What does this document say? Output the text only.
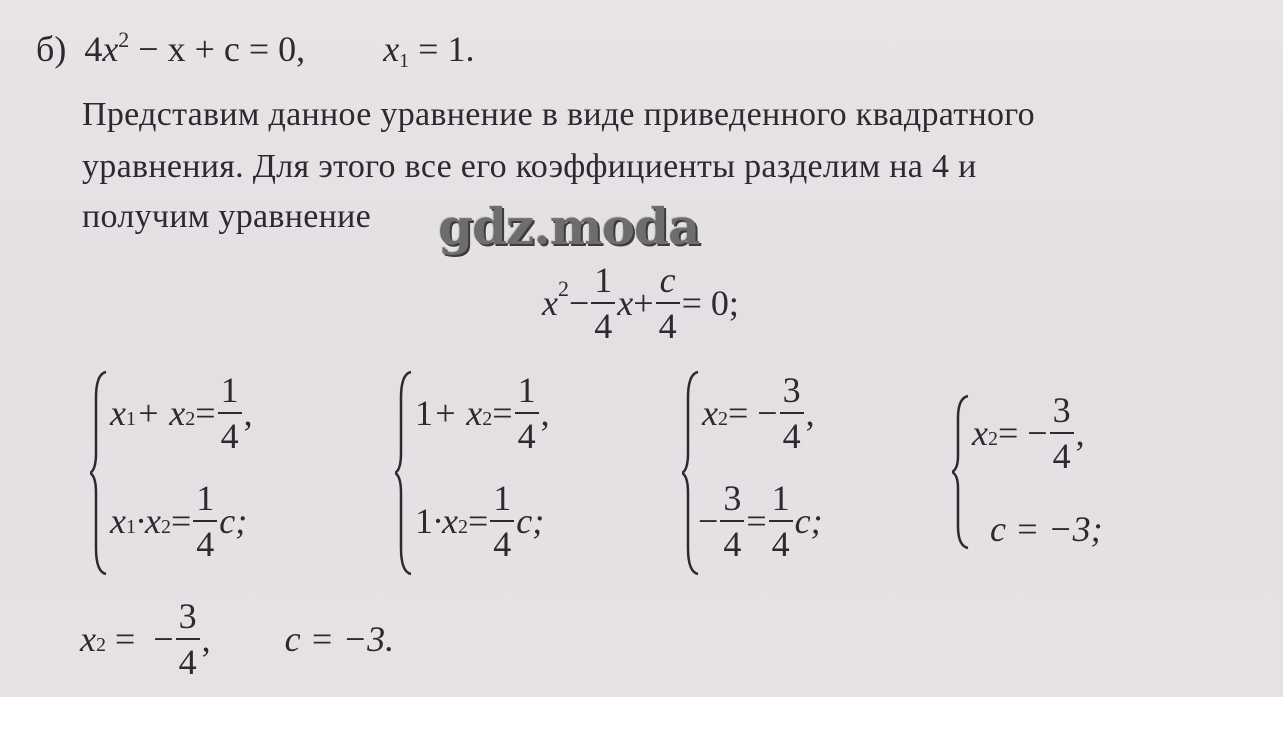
б) $4x^2 - x + c = 0$, $x_1 = 1$.
Представим данное уравнение в виде приведенного квадратного
уравнения. Для этого все его коэффициенты разделим на 4 и
получим уравнение gdz.moda
$x^2 - \frac{1}{4}$ $x + \frac{c}{4} = 0$;
$x_1 + x_2 = \frac{1}{4}$ ,
$x_1 \cdot x_2 = \frac{1}{4} c$;
$1 + x_2 = \frac{1}{4}$ ,
$1 \cdot x_2 = \frac{1}{4} c$;
$x_2$ = − $\frac{3}{4}$ ,
− $\frac{3}{4} = \frac{1}{4} c$;
$x_2$ = − $\frac{3}{4}$ ,
c = −3;
$x_2$ =  − $\frac{3}{4}$ , c = −3.
